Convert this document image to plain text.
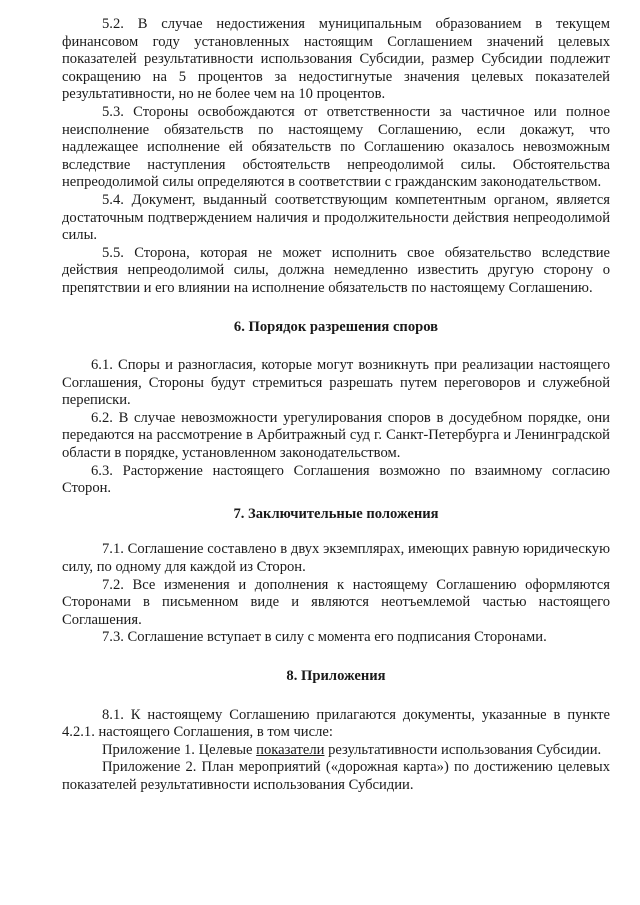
5.2. В случае недостижения муниципальным образованием в текущем финансовом году установленных настоящим Соглашением значений целевых показателей результативности использования Субсидии, размер Субсидии подлежит сокращению на 5 процентов за недостигнутые значения целевых показателей результативности, но не более чем на 10 процентов.

5.3. Стороны освобождаются от ответственности за частичное или полное неисполнение обязательств по настоящему Соглашению, если докажут, что надлежащее исполнение ей обязательств по Соглашению оказалось невозможным вследствие наступления обстоятельств непреодолимой силы. Обстоятельства непреодолимой силы определяются в соответствии с гражданским законодательством.

5.4. Документ, выданный соответствующим компетентным органом, является достаточным подтверждением наличия и продолжительности действия непреодолимой силы.

5.5. Сторона, которая не может исполнить свое обязательство вследствие действия непреодолимой силы, должна немедленно известить другую сторону о препятствии и его влиянии на исполнение обязательств по настоящему Соглашению.

6. Порядок разрешения споров

6.1. Споры и разногласия, которые могут возникнуть при реализации настоящего Соглашения, Стороны будут стремиться разрешать путем переговоров и служебной переписки.

6.2. В случае невозможности урегулирования споров в досудебном порядке, они передаются на рассмотрение в Арбитражный суд г. Санкт-Петербурга и Ленинградской области в порядке, установленном законодательством.

6.3. Расторжение настоящего Соглашения возможно по взаимному согласию Сторон.

7. Заключительные положения

7.1. Соглашение составлено в двух экземплярах, имеющих равную юридическую силу, по одному для каждой из Сторон.

7.2. Все изменения и дополнения к настоящему Соглашению оформляются Сторонами в письменном виде и являются неотъемлемой частью настоящего Соглашения.

7.3. Соглашение вступает в силу с момента его подписания Сторонами.

8. Приложения

8.1. К настоящему Соглашению прилагаются документы, указанные в пункте 4.2.1. настоящего Соглашения, в том числе:

Приложение 1. Целевые показатели результативности использования Субсидии.

Приложение 2. План мероприятий («дорожная карта») по достижению целевых показателей результативности использования Субсидии.
